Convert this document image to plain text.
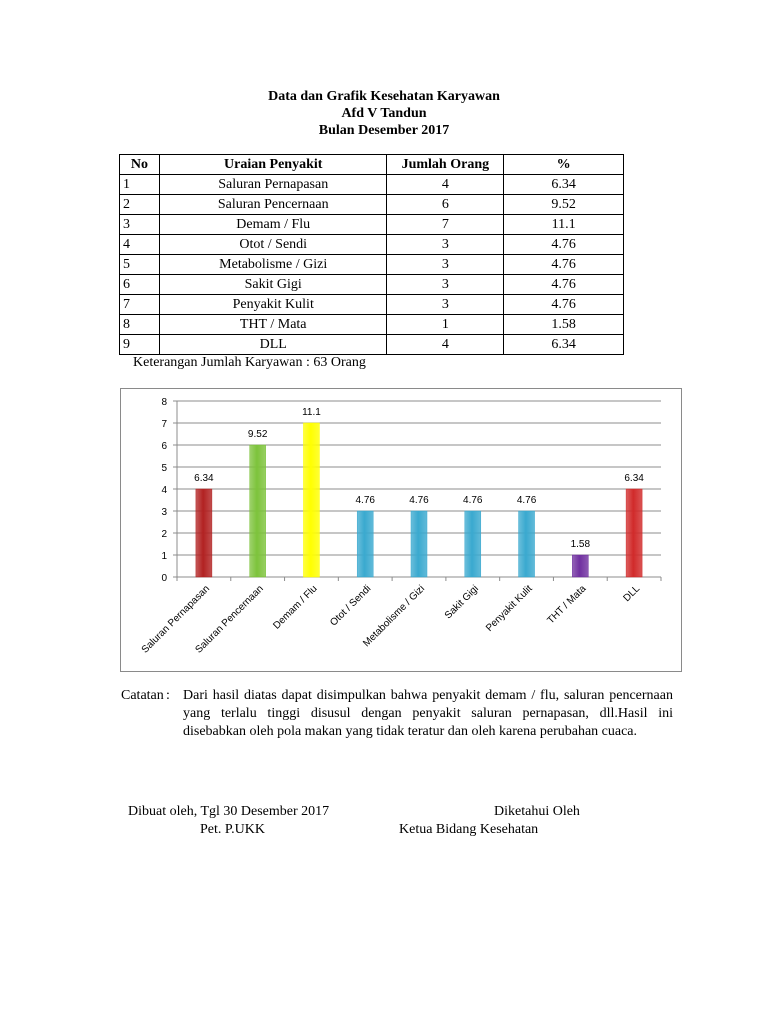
Data dan Grafik Kesehatan Karyawan
Afd V Tandun
Bulan Desember 2017
No	Uraian Penyakit	Jumlah Orang	%
1	Saluran Pernapasan	4	6.34
2	Saluran Pencernaan	6	9.52
3	Demam / Flu	7	11.1
4	Otot / Sendi	3	4.76
5	Metabolisme / Gizi	3	4.76
6	Sakit Gigi	3	4.76
7	Penyakit Kulit	3	4.76
8	THT / Mata	1	1.58
9	DLL	4	6.34
Keterangan Jumlah Karyawan : 63 Orang
0
1
2
3
4
5
6
7
8
6.34
9.52
11.1
4.76	4.76	4.76	4.76
1.58
6.34
Saluran Pernapasan
Saluran Pencernaan Demam / Flu Otot / Sendi
Metabolisme / Gizi Sakit Gigi Penyakit Kulit THT / Mata	DLL
Catatan : Dari hasil diatas dapat disimpulkan bahwa penyakit demam / flu, saluran pencernaan yang terlalu tinggi disusul dengan penyakit saluran pernapasan, dll.Hasil ini disebabkan oleh pola makan yang tidak teratur dan oleh karena perubahan cuaca.
Dibuat oleh, Tgl 30 Desember 2017
Pet. P.UKK
Diketahui Oleh
Ketua Bidang Kesehatan
